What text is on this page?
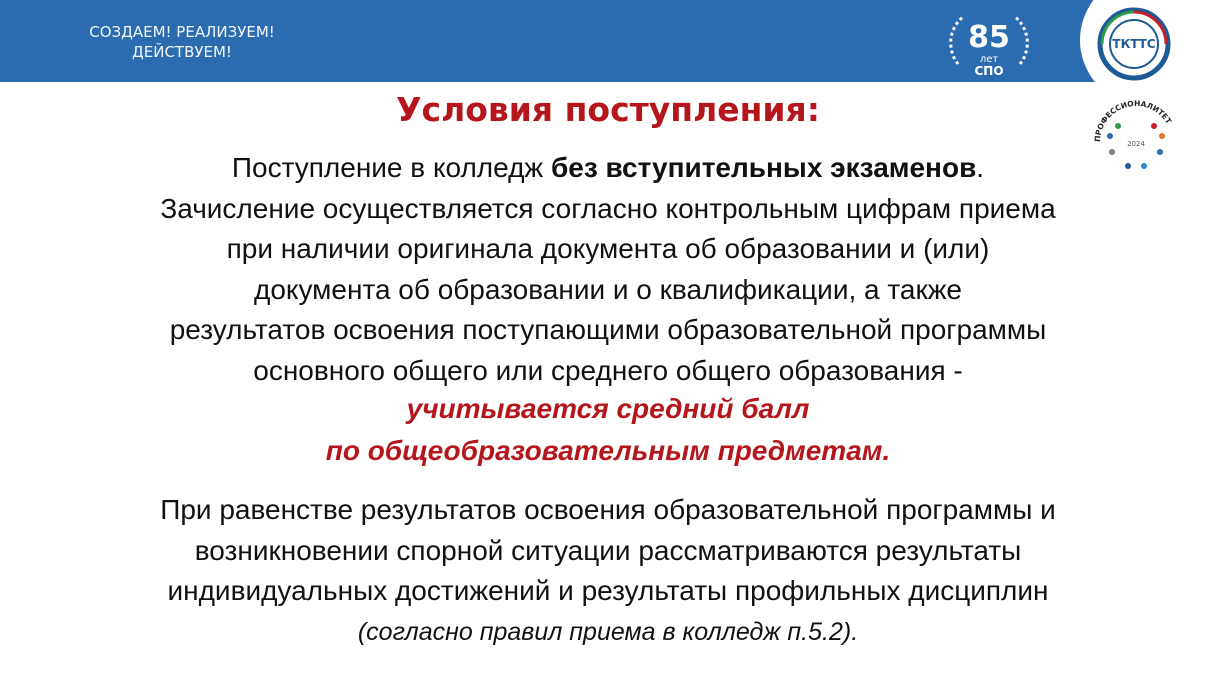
СОЗДАЕМ! РЕАЛИЗУЕМ!
ДЕЙСТВУЕМ!	85
лет
СПО
ТКТТС
ПРОФЕССИОНАЛИТЕТ
2024
Условия поступления:
Поступление в колледж без вступительных экзаменов.
Зачисление осуществляется согласно контрольным цифрам приема
при наличии оригинала документа об образовании и (или)
документа об образовании и о квалификации, а также
результатов освоения поступающими образовательной программы
основного общего или среднего общего образования -
учитывается средний балл
по общеобразовательным предметам.
При равенстве результатов освоения образовательной программы и
возникновении спорной ситуации рассматриваются результаты
индивидуальных достижений и результаты профильных дисциплин
(согласно правил приема в колледж п.5.2).
